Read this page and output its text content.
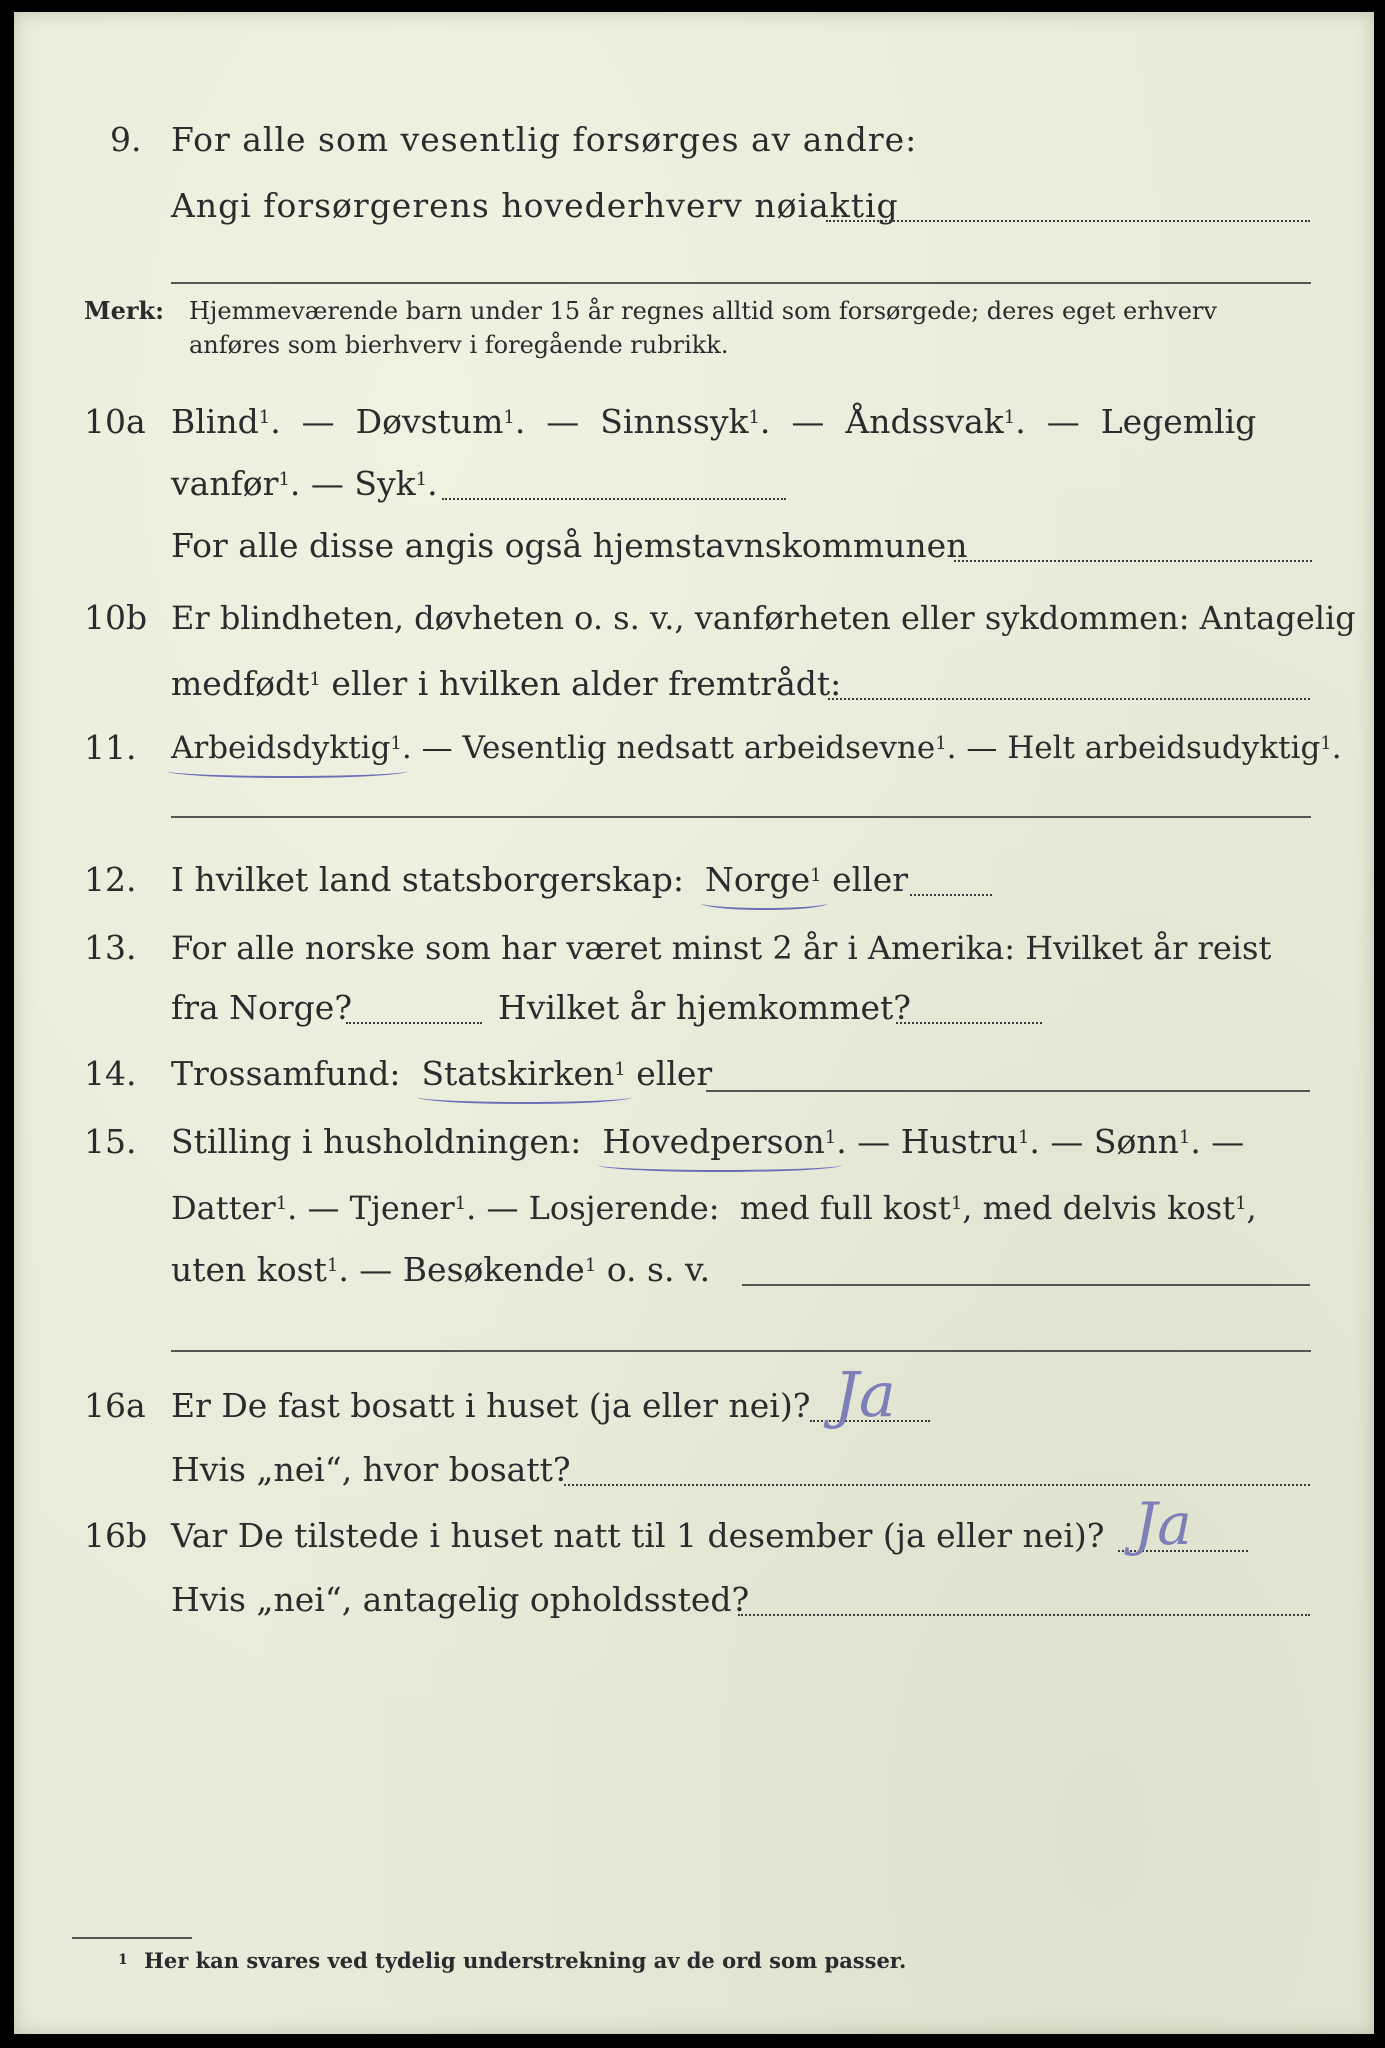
9. For alle som vesentlig forsørges av andre:
Angi forsørgerens hovederhverv nøiaktig
Merk: Hjemmeværende barn under 15 år regnes alltid som forsørgede; deres eget erhverv
anføres som bierhverv i foregående rubrikk.
10a Blind$^1$.  —  Døvstum$^1$.  —  Sinnssyk$^1$.  —  Åndssvak$^1$.  —  Legemlig
vanfør$^1$. — Syk$^1$.
For alle disse angis også hjemstavnskommunen
10b Er blindheten, døvheten o. s. v., vanførheten eller sykdommen: Antagelig
medfødt$^1$ eller i hvilken alder fremtrådt:
11. Arbeidsdyktig$^1$. — Vesentlig nedsatt arbeidsevne$^1$. — Helt arbeidsudyktig$^1$.
12. I hvilket land statsborgerskap: Norge$^1$ eller
13. For alle norske som har været minst 2 år i Amerika: Hvilket år reist
fra Norge?	Hvilket år hjemkommet?
14. Trossamfund: Statskirken$^1$ eller
15. Stilling i husholdningen: Hovedperson$^1$. — Hustru$^1$. — Sønn$^1$. —
Datter$^1$. — Tjener$^1$. — Losjerende: med full kost$^1$, med delvis kost$^1$,
uten kost$^1$. — Besøkende$^1$ o. s. v.
16a Er De fast bosatt i huset (ja eller nei)? Ja
Hvis „nei“, hvor bosatt?
16b Var De tilstede i huset natt til 1 desember (ja eller nei)? Ja
Hvis „nei“, antagelig opholdssted?
1 Her kan svares ved tydelig understrekning av de ord som passer.
